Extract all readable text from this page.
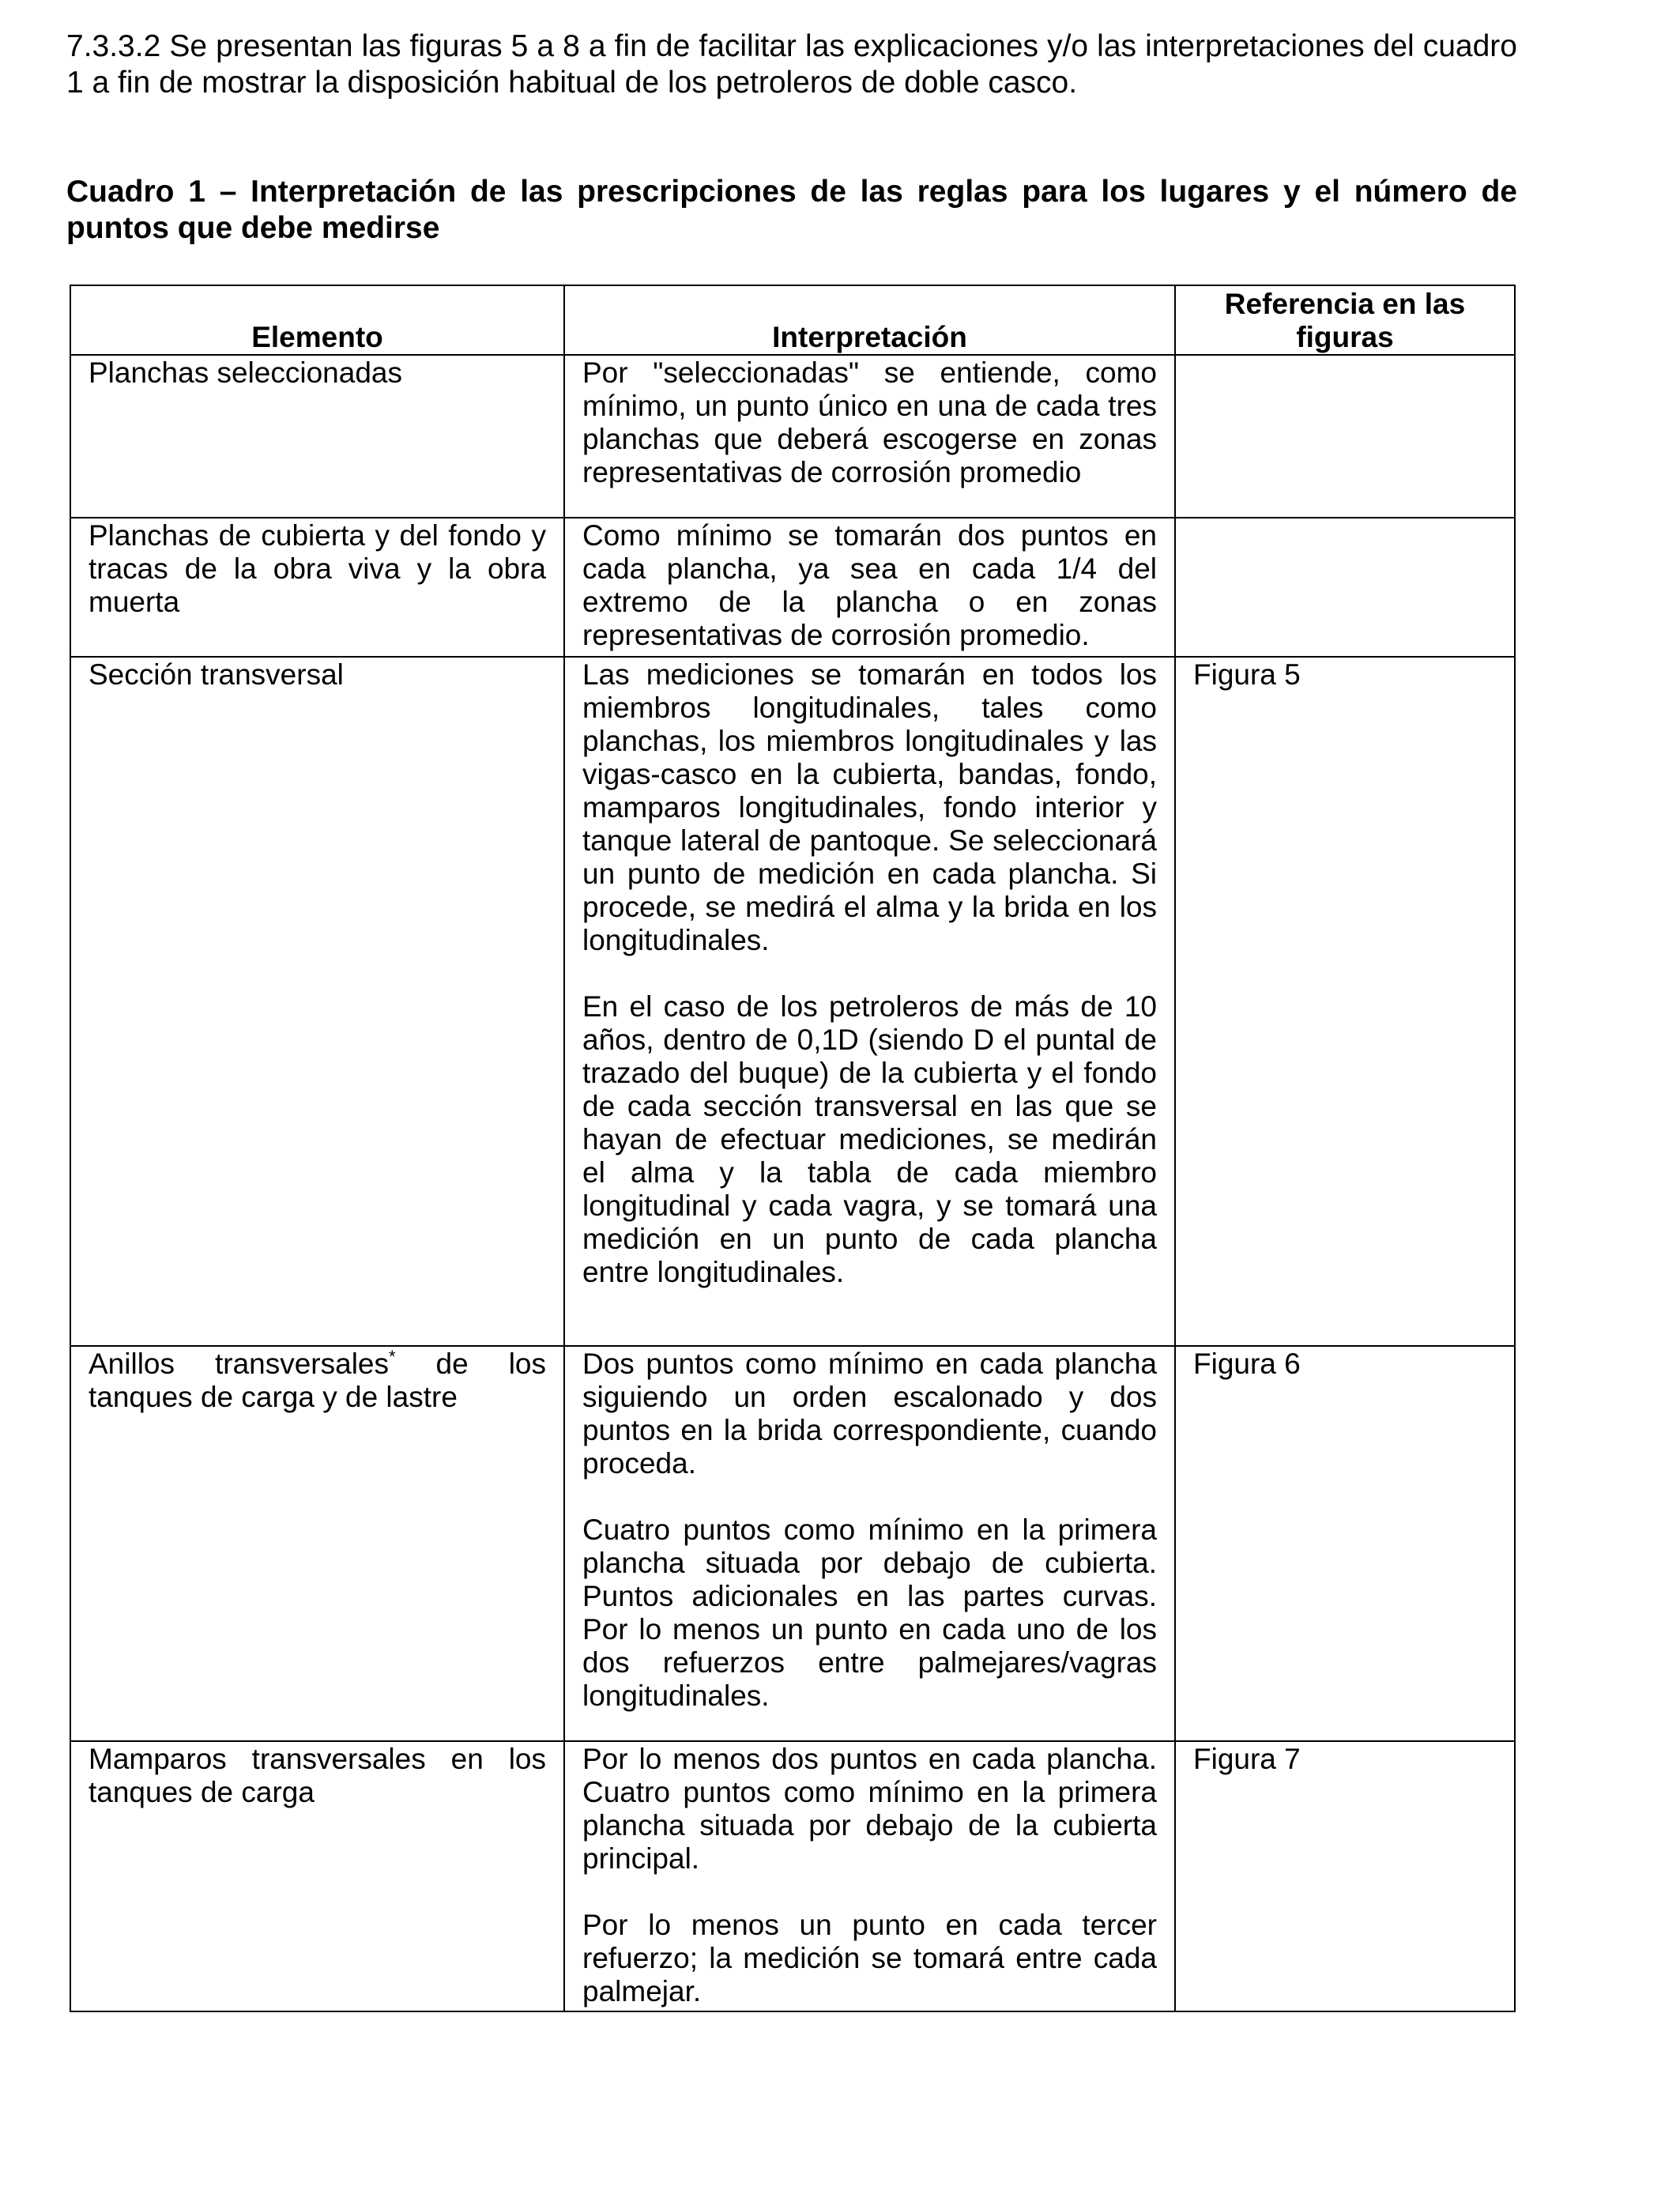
7.3.3.2 Se presentan las figuras 5 a 8 a fin de facilitar las explicaciones y/o las interpretaciones del cuadro 1 a fin de mostrar la disposición habitual de los petroleros de doble casco.

Cuadro 1 – Interpretación de las prescripciones de las reglas para los lugares y el número de puntos que debe medirse

Elemento	Interpretación	Referencia en las figuras
Planchas seleccionadas	Por "seleccionadas" se entiende, como mínimo, un punto único en una de cada tres planchas que deberá escogerse en zonas representativas de corrosión promedio	

Planchas de cubierta y del fondo y tracas de la obra viva y la obra muerta	Como mínimo se tomarán dos puntos en cada plancha, ya sea en cada 1/4 del extremo de la plancha o en zonas representativas de corrosión promedio.	

Sección transversal	Las mediciones se tomarán en todos los miembros longitudinales, tales como planchas, los miembros longitudinales y las vigas-casco en la cubierta, bandas, fondo, mamparos longitudinales, fondo interior y tanque lateral de pantoque. Se seleccionará un punto de medición en cada plancha. Si procede, se medirá el alma y la brida en los longitudinales.

En el caso de los petroleros de más de 10 años, dentro de 0,1D (siendo D el puntal de trazado del buque) de la cubierta y el fondo de cada sección transversal en las que se hayan de efectuar mediciones, se medirán el alma y la tabla de cada miembro longitudinal y cada vagra, y se tomará una medición en un punto de cada plancha entre longitudinales.	Figura 5
Anillos transversales* de los tanques de carga y de lastre	Dos puntos como mínimo en cada plancha siguiendo un orden escalonado y dos puntos en la brida correspondiente, cuando proceda.

Cuatro puntos como mínimo en la primera plancha situada por debajo de cubierta. Puntos adicionales en las partes curvas. Por lo menos un punto en cada uno de los dos refuerzos entre palmejares/vagras longitudinales.	Figura 6
Mamparos transversales en los tanques de carga	Por lo menos dos puntos en cada plancha. Cuatro puntos como mínimo en la primera plancha situada por debajo de la cubierta principal.

Por lo menos un punto en cada tercer refuerzo; la medición se tomará entre cada palmejar.	Figura 7
